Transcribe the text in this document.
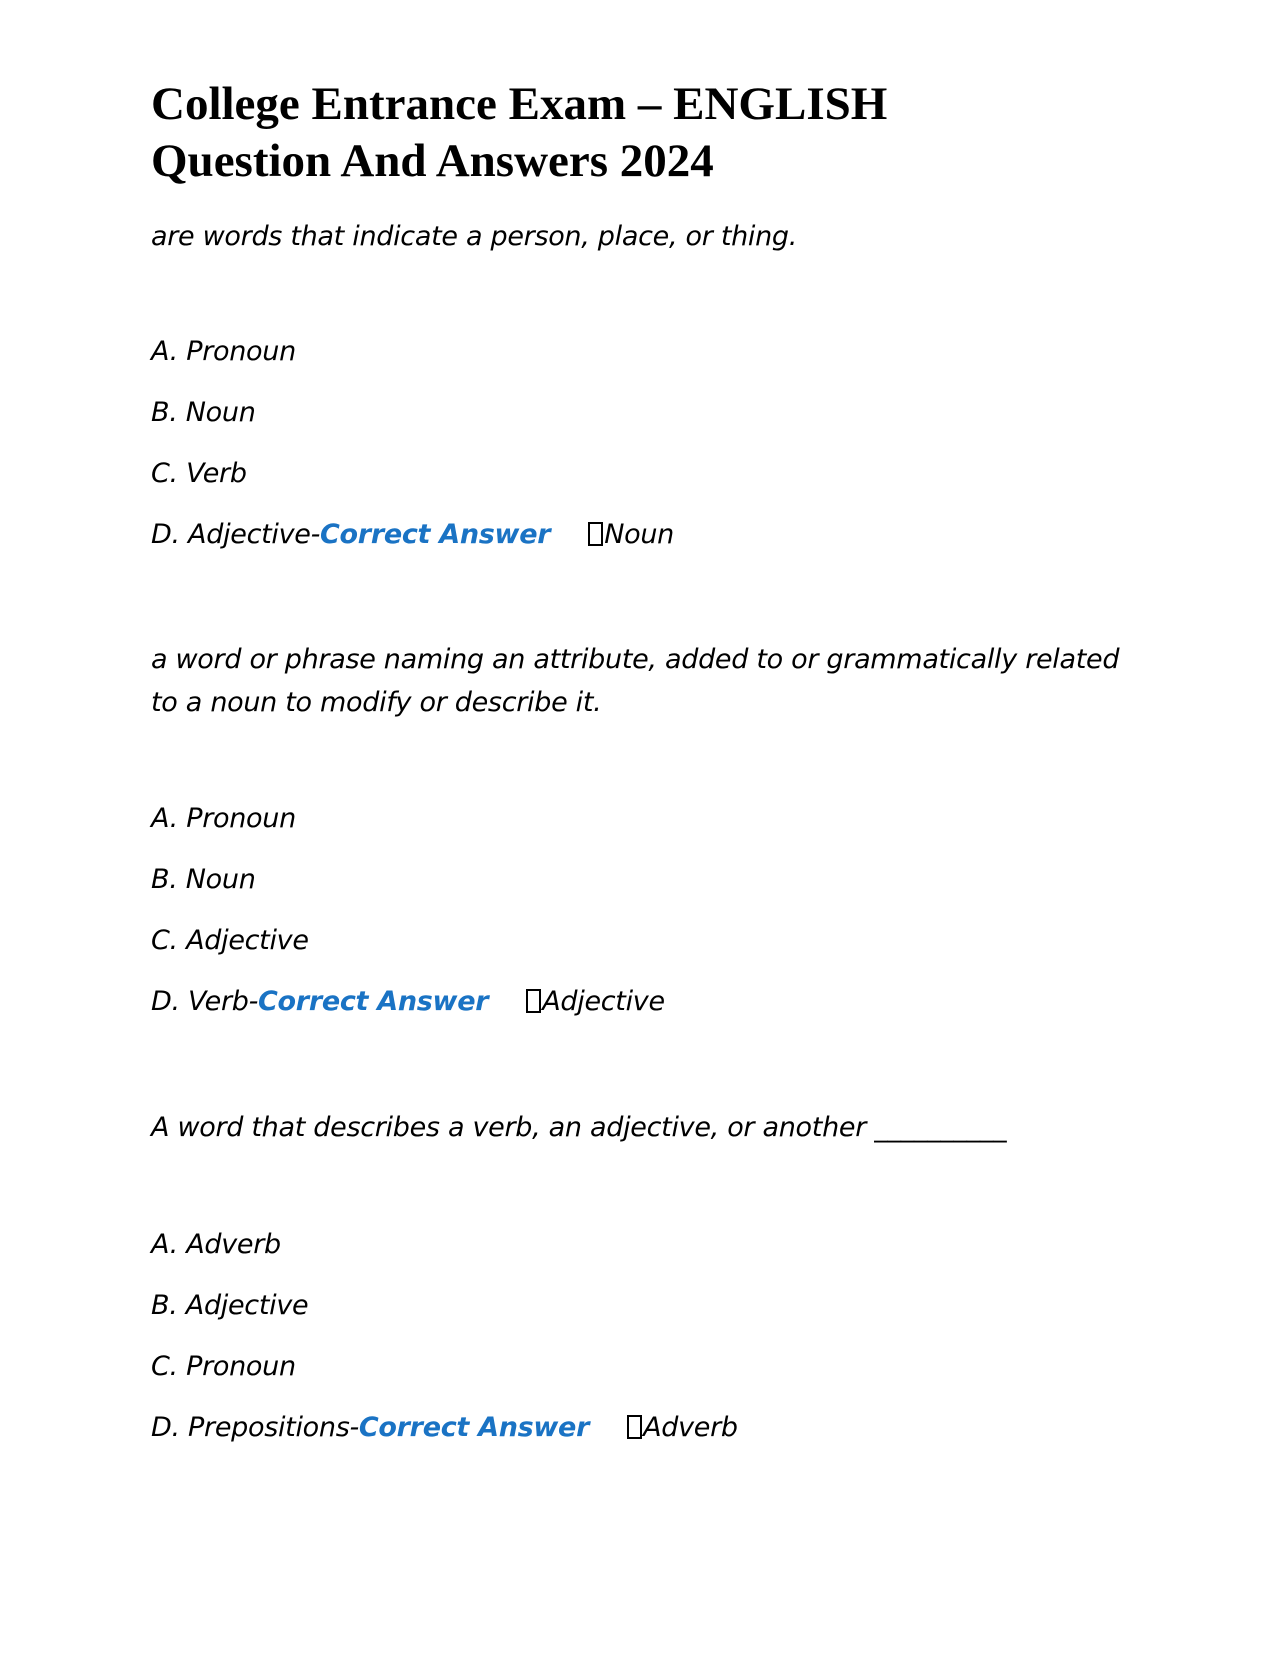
College Entrance Exam – ENGLISH
Question And Answers 2024

are words that indicate a person, place, or thing.

A. Pronoun
B. Noun
C. Verb
D. Adjective-Correct Answer Noun

a word or phrase naming an attribute, added to or grammatically related to a noun to modify or describe it.

A. Pronoun
B. Noun
C. Adjective
D. Verb-Correct Answer Adjective

A word that describes a verb, an adjective, or another __________

A. Adverb
B. Adjective
C. Pronoun
D. Prepositions-Correct Answer Adverb
